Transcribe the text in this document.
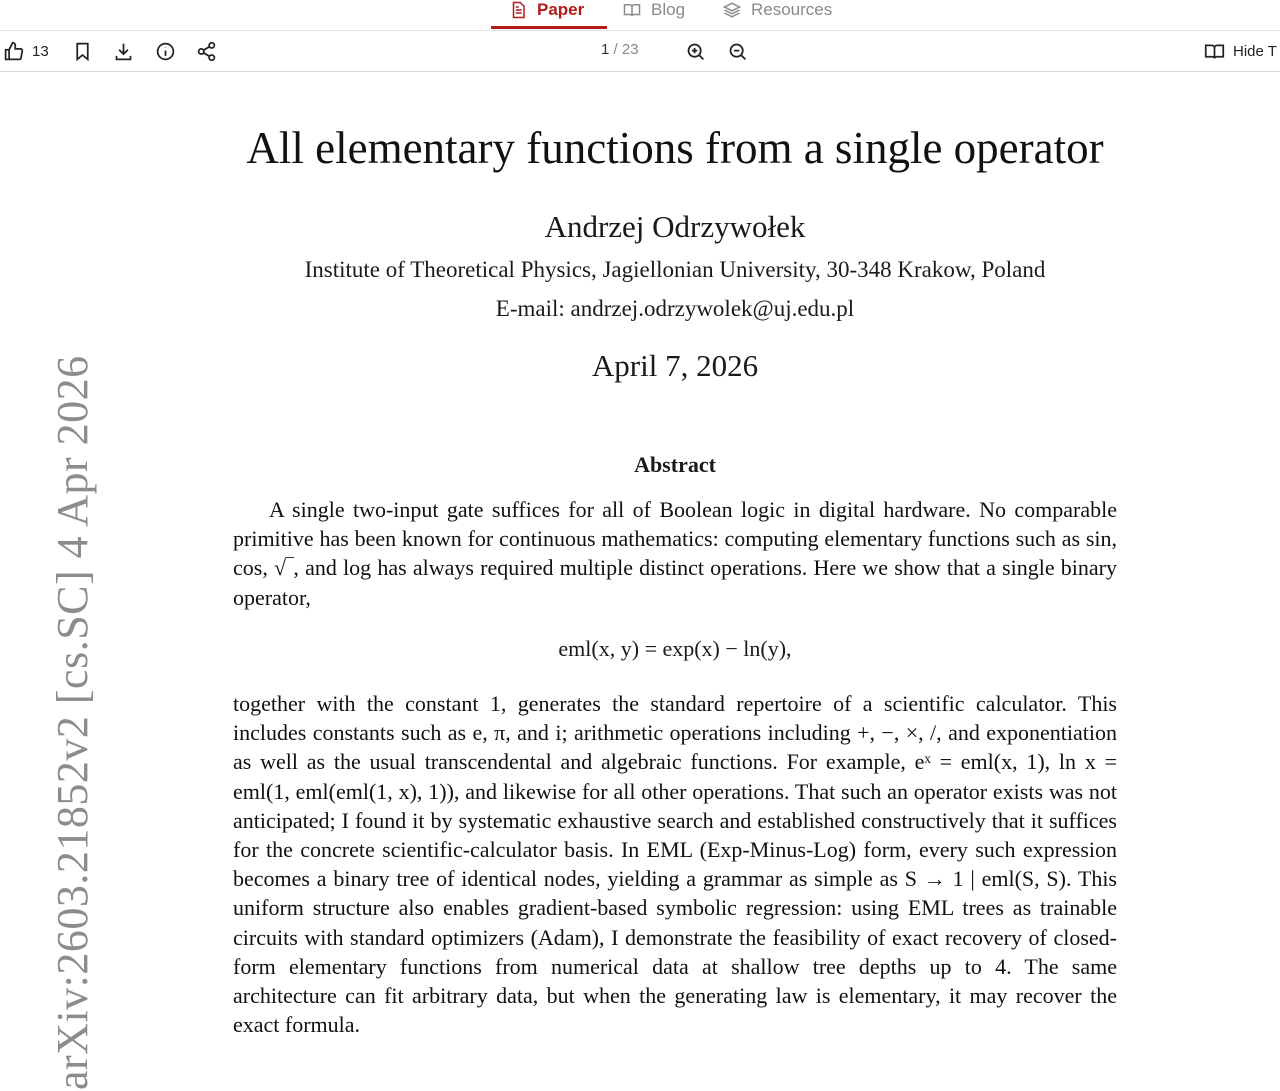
Paper	Blog	Resources
13	1 / 23	Hide T
All elementary functions from a single operator
Andrzej Odrzywołek
Institute of Theoretical Physics, Jagiellonian University, 30-348 Krakow, Poland
E-mail: andrzej.odrzywolek@uj.edu.pl
April 7, 2026
Abstract
A single two-input gate suffices for all of Boolean logic in digital hardware. No comparable primitive has been known for continuous mathematics: computing elementary functions such as sin, cos, √‾, and log has always required multiple distinct operations. Here we show that a single binary operator,
eml(x, y) = exp(x) − ln(y),
together with the constant 1, generates the standard repertoire of a scientific calculator. This includes constants such as e, π, and i; arithmetic operations including +, −, ×, /, and exponentiation as well as the usual transcendental and algebraic functions. For example, eˣ = eml(x, 1), ln x = eml(1, eml(eml(1, x), 1)), and likewise for all other operations. That such an operator exists was not anticipated; I found it by systematic exhaustive search and established constructively that it suffices for the concrete scientific-calculator basis. In EML (Exp-Minus-Log) form, every such expression becomes a binary tree of identical nodes, yielding a grammar as simple as S → 1 | eml(S, S). This uniform structure also enables gradient-based symbolic regression: using EML trees as trainable circuits with standard optimizers (Adam), I demonstrate the feasibility of exact recovery of closed-form elementary functions from numerical data at shallow tree depths up to 4. The same architecture can fit arbitrary data, but when the generating law is elementary, it may recover the exact formula.
arXiv:2603.21852v2 [cs.SC] 4 Apr 2026
